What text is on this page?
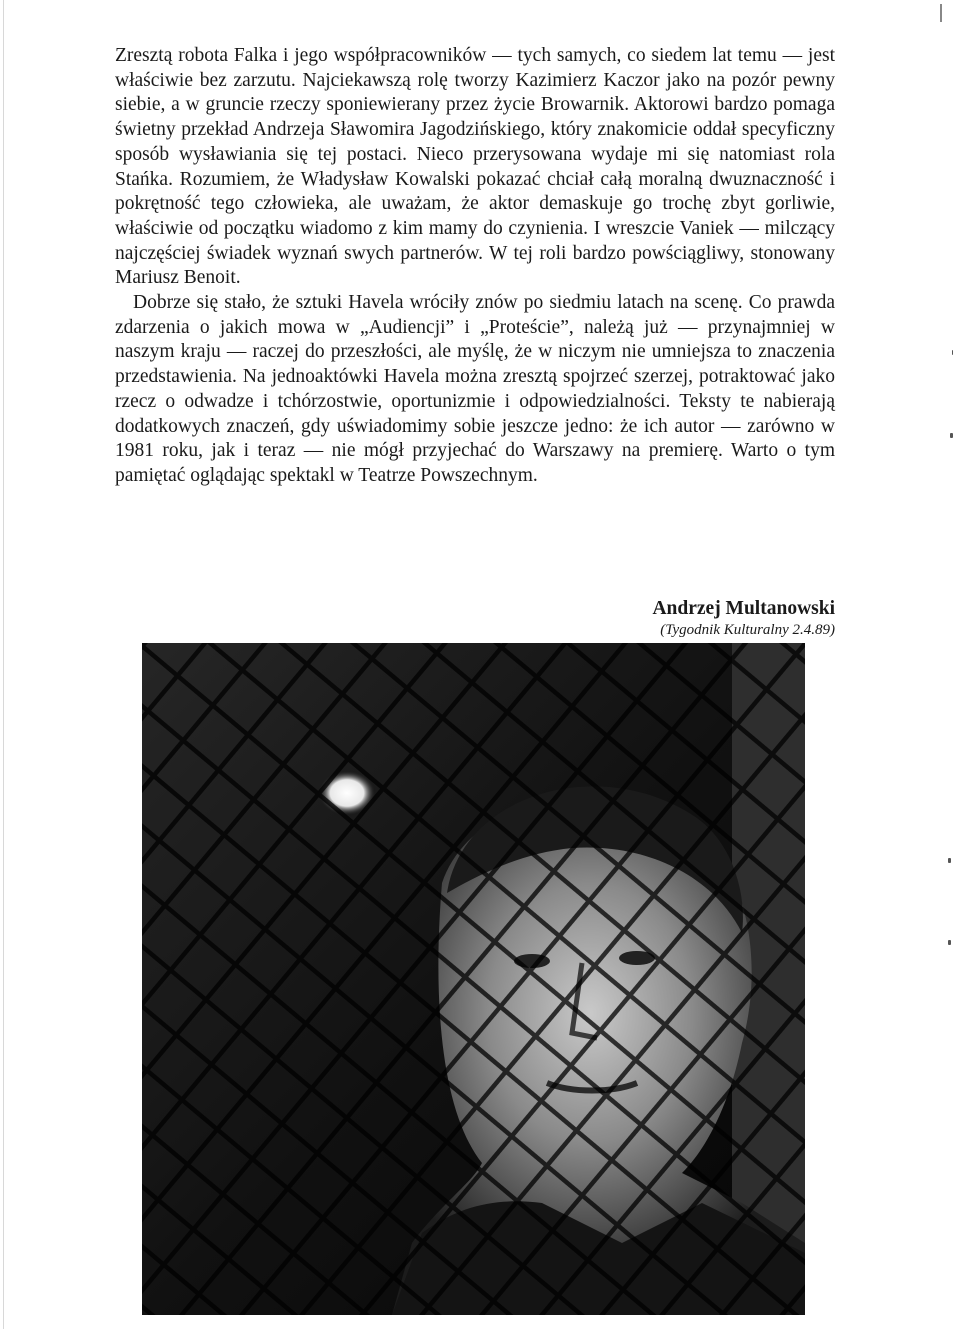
Zresztą robota Falka i jego współpracowników — tych samych, co siedem lat temu — jest właściwie bez zarzutu. Najciekawszą rolę tworzy Kazimierz Kaczor jako na pozór pewny siebie, a w gruncie rzeczy sponiewierany przez życie Browarnik. Aktorowi bardzo pomaga świetny przekład Andrzeja Sławomira Jagodzińskiego, który znakomicie oddał specyficzny sposób wysławiania się tej postaci. Nieco przerysowana wydaje mi się natomiast rola Stańka. Rozumiem, że Władysław Kowalski pokazać chciał całą moralną dwuznaczność i pokrętność tego człowieka, ale uważam, że aktor demaskuje go trochę zbyt gorliwie, właściwie od początku wiadomo z kim mamy do czynienia. I wreszcie Vaniek — milczący najczęściej świadek wyznań swych partnerów. W tej roli bardzo powściągliwy, stonowany Mariusz Benoit.

Dobrze się stało, że sztuki Havela wróciły znów po siedmiu latach na scenę. Co prawda zdarzenia o jakich mowa w „Audiencji” i „Proteście”, należą już — przynajmniej w naszym kraju — raczej do przeszłości, ale myślę, że w niczym nie umniejsza to znaczenia przedstawienia. Na jednoaktówki Havela można zresztą spojrzeć szerzej, potraktować jako rzecz o odwadze i tchórzostwie, oportunizmie i odpowiedzialności. Teksty te nabierają dodatkowych znaczeń, gdy uświadomimy sobie jeszcze jedno: że ich autor — zarówno w 1981 roku, jak i teraz — nie mógł przyjechać do Warszawy na premierę. Warto o tym pamiętać oglądając spektakl w Teatrze Powszechnym.

Andrzej Multanowski
(Tygodnik Kulturalny 2.4.89)
